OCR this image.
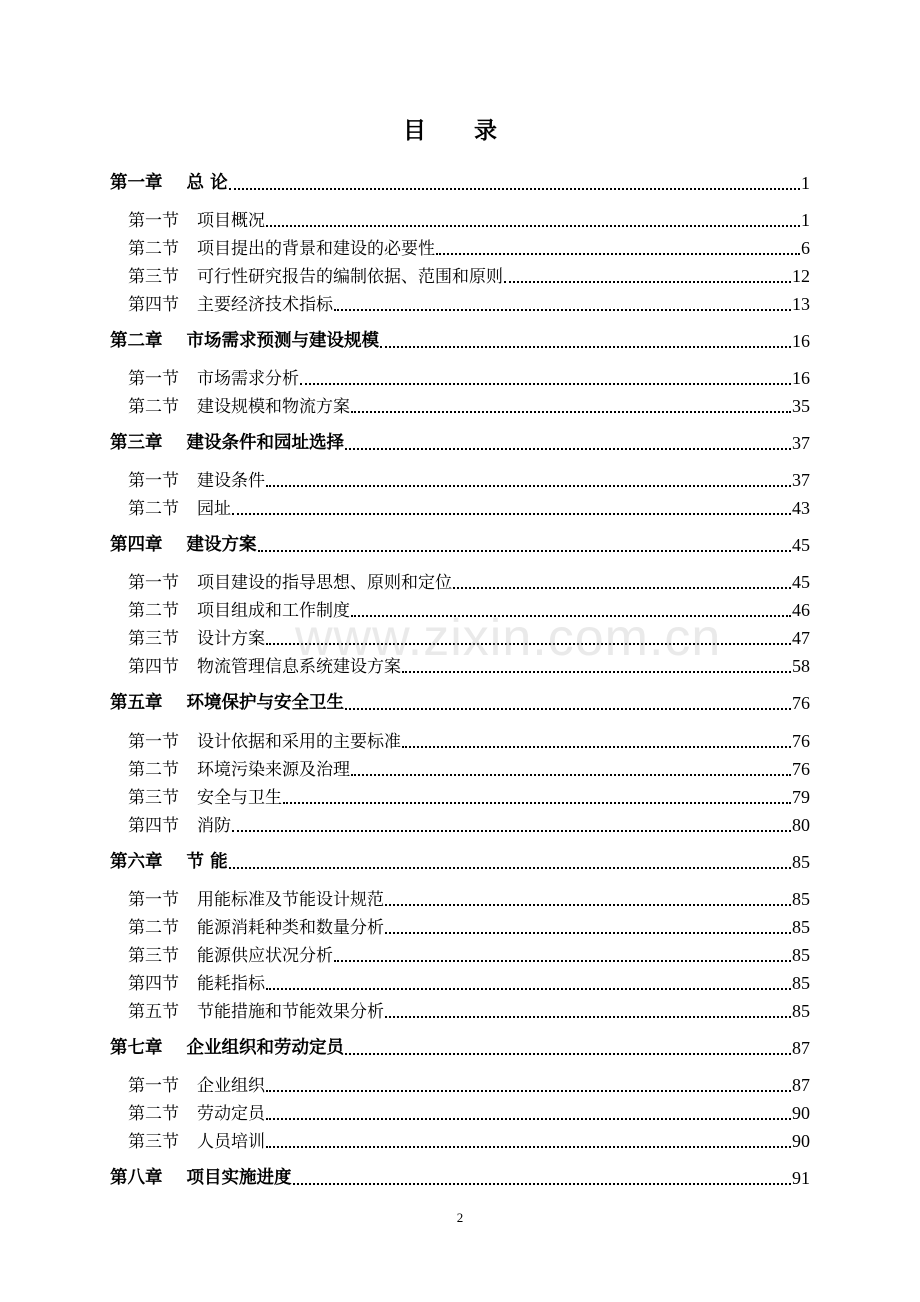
目 录
第一章 总 论	1
第一节 项目概况	1
第二节 项目提出的背景和建设的必要性	6
第三节 可行性研究报告的编制依据、范围和原则	12
第四节 主要经济技术指标	13
第二章 市场需求预测与建设规模	16
第一节 市场需求分析	16
第二节 建设规模和物流方案	35
第三章 建设条件和园址选择	37
第一节 建设条件	37
第二节 园址	43
第四章 建设方案	45
第一节 项目建设的指导思想、原则和定位	45
第二节 项目组成和工作制度	46
第三节 设计方案	47
第四节 物流管理信息系统建设方案	58
第五章 环境保护与安全卫生	76
第一节 设计依据和采用的主要标准	76
第二节 环境污染来源及治理	76
第三节 安全与卫生	79
第四节 消防	80
第六章 节 能	85
第一节 用能标准及节能设计规范	85
第二节 能源消耗种类和数量分析	85
第三节 能源供应状况分析	85
第四节 能耗指标	85
第五节 节能措施和节能效果分析	85
第七章 企业组织和劳动定员	87
第一节 企业组织	87
第二节 劳动定员	90
第三节 人员培训	90
第八章 项目实施进度	91
www.zixin.com.cn
2
